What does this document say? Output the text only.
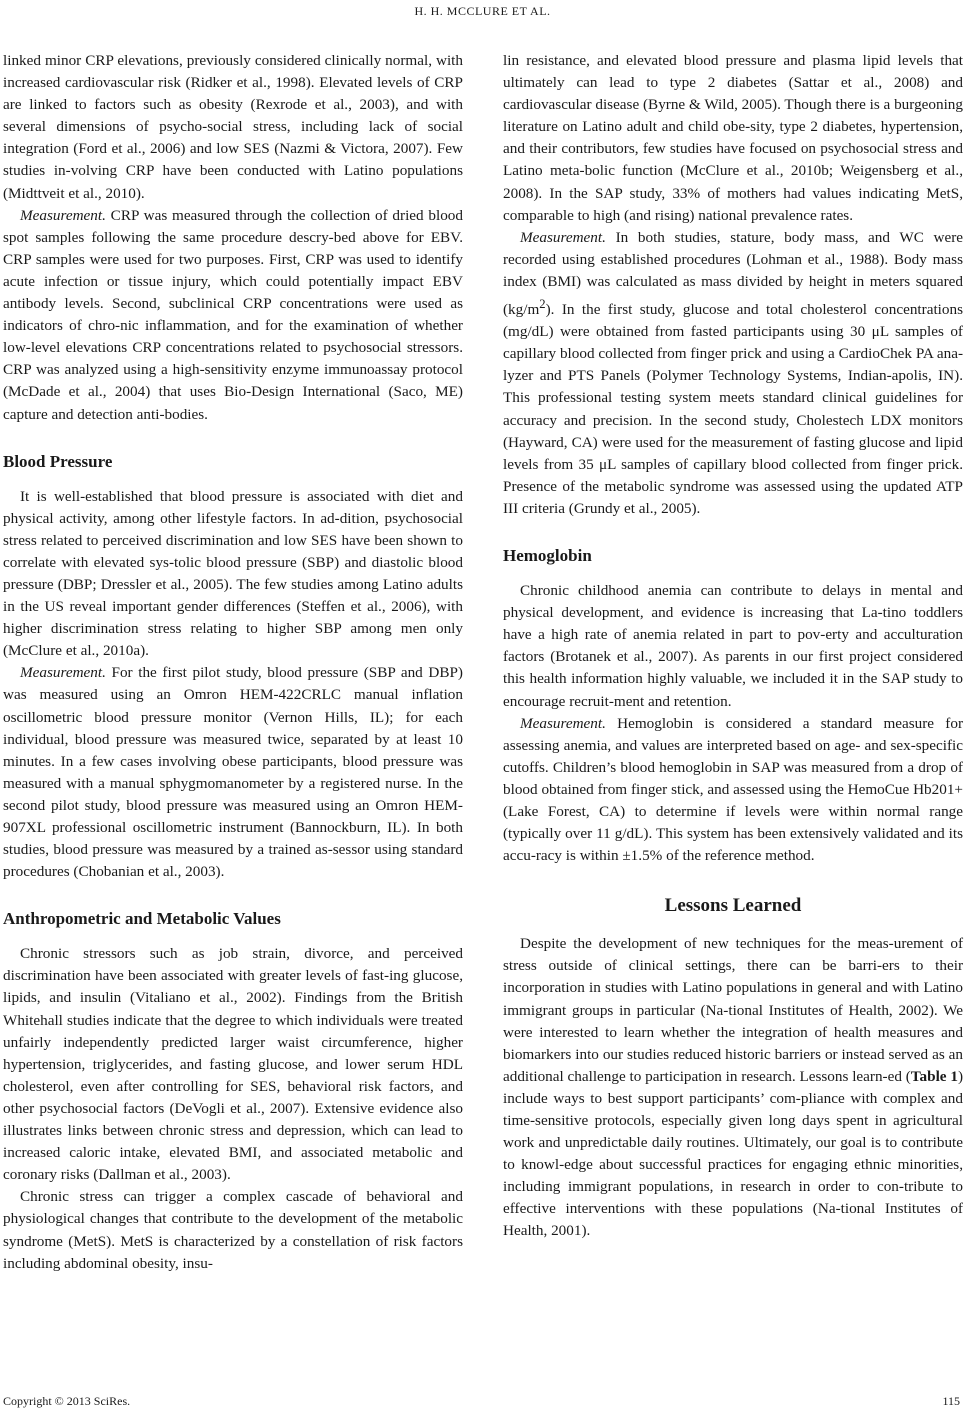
H. H. MCCLURE ET AL.

linked minor CRP elevations, previously considered clinically normal, with increased cardiovascular risk (Ridker et al., 1998). Elevated levels of CRP are linked to factors such as obesity (Rexrode et al., 2003), and with several dimensions of psycho-social stress, including lack of social integration (Ford et al., 2006) and low SES (Nazmi & Victora, 2007). Few studies in-volving CRP have been conducted with Latino populations (Midttveit et al., 2010).

Measurement. CRP was measured through the collection of dried blood spot samples following the same procedure descry-bed above for EBV. CRP samples were used for two purposes. First, CRP was used to identify acute infection or tissue injury, which could potentially impact EBV antibody levels. Second, subclinical CRP concentrations were used as indicators of chro-nic inflammation, and for the examination of whether low-level elevations CRP concentrations related to psychosocial stressors. CRP was analyzed using a high-sensitivity enzyme immunoassay protocol (McDade et al., 2004) that uses Bio-Design International (Saco, ME) capture and detection anti-bodies.

Blood Pressure

It is well-established that blood pressure is associated with diet and physical activity, among other lifestyle factors. In ad-dition, psychosocial stress related to perceived discrimination and low SES have been shown to correlate with elevated sys-tolic blood pressure (SBP) and diastolic blood pressure (DBP; Dressler et al., 2005). The few studies among Latino adults in the US reveal important gender differences (Steffen et al., 2006), with higher discrimination stress relating to higher SBP among men only (McClure et al., 2010a).

Measurement. For the first pilot study, blood pressure (SBP and DBP) was measured using an Omron HEM-422CRLC manual inflation oscillometric blood pressure monitor (Vernon Hills, IL); for each individual, blood pressure was measured twice, separated by at least 10 minutes. In a few cases involving obese participants, blood pressure was measured with a manual sphygmomanometer by a registered nurse. In the second pilot study, blood pressure was measured using an Omron HEM-907XL professional oscillometric instrument (Bannockburn, IL). In both studies, blood pressure was measured by a trained as-sessor using standard procedures (Chobanian et al., 2003).

Anthropometric and Metabolic Values

Chronic stressors such as job strain, divorce, and perceived discrimination have been associated with greater levels of fast-ing glucose, lipids, and insulin (Vitaliano et al., 2002). Findings from the British Whitehall studies indicate that the degree to which individuals were treated unfairly independently predicted larger waist circumference, higher hypertension, triglycerides, and fasting glucose, and lower serum HDL cholesterol, even after controlling for SES, behavioral risk factors, and other psychosocial factors (DeVogli et al., 2007). Extensive evidence also illustrates links between chronic stress and depression, which can lead to increased caloric intake, elevated BMI, and associated metabolic and coronary risks (Dallman et al., 2003).

Chronic stress can trigger a complex cascade of behavioral and physiological changes that contribute to the development of the metabolic syndrome (MetS). MetS is characterized by a constellation of risk factors including abdominal obesity, insu-

lin resistance, and elevated blood pressure and plasma lipid levels that ultimately can lead to type 2 diabetes (Sattar et al., 2008) and cardiovascular disease (Byrne & Wild, 2005). Though there is a burgeoning literature on Latino adult and child obe-sity, type 2 diabetes, hypertension, and their contributors, few studies have focused on psychosocial stress and Latino meta-bolic function (McClure et al., 2010b; Weigensberg et al., 2008). In the SAP study, 33% of mothers had values indicating MetS, comparable to high (and rising) national prevalence rates.

Measurement. In both studies, stature, body mass, and WC were recorded using established procedures (Lohman et al., 1988). Body mass index (BMI) was calculated as mass divided by height in meters squared $(kg/m^2)$. In the first study, glucose and total cholesterol concentrations (mg/dL) were obtained from fasted participants using 30 μL samples of capillary blood collected from finger prick and using a CardioChek PA ana-lyzer and PTS Panels (Polymer Technology Systems, Indian-apolis, IN). This professional testing system meets standard clinical guidelines for accuracy and precision. In the second study, Cholestech LDX monitors (Hayward, CA) were used for the measurement of fasting glucose and lipid levels from 35 μL samples of capillary blood collected from finger prick. Presence of the metabolic syndrome was assessed using the updated ATP III criteria (Grundy et al., 2005).

Hemoglobin

Chronic childhood anemia can contribute to delays in mental and physical development, and evidence is increasing that La-tino toddlers have a high rate of anemia related in part to pov-erty and acculturation factors (Brotanek et al., 2007). As parents in our first project considered this health information highly valuable, we included it in the SAP study to encourage recruit-ment and retention.

Measurement. Hemoglobin is considered a standard measure for assessing anemia, and values are interpreted based on age- and sex-specific cutoffs. Children’s blood hemoglobin in SAP was measured from a drop of blood obtained from finger stick, and assessed using the HemoCue Hb201+ (Lake Forest, CA) to determine if levels were within normal range (typically over 11 g/dL). This system has been extensively validated and its accu-racy is within ±1.5% of the reference method.

Lessons Learned

Despite the development of new techniques for the meas-urement of stress outside of clinical settings, there can be barri-ers to their incorporation in studies with Latino populations in general and with Latino immigrant groups in particular (Na-tional Institutes of Health, 2002). We were interested to learn whether the integration of health measures and biomarkers into our studies reduced historic barriers or instead served as an additional challenge to participation in research. Lessons learn-ed (Table 1) include ways to best support participants’ com-pliance with complex and time-sensitive protocols, especially given long days spent in agricultural work and unpredictable daily routines. Ultimately, our goal is to contribute to knowl-edge about successful practices for engaging ethnic minorities, including immigrant populations, in research in order to con-tribute to effective interventions with these populations (Na-tional Institutes of Health, 2001).

Copyright © 2013 SciRes.	115
